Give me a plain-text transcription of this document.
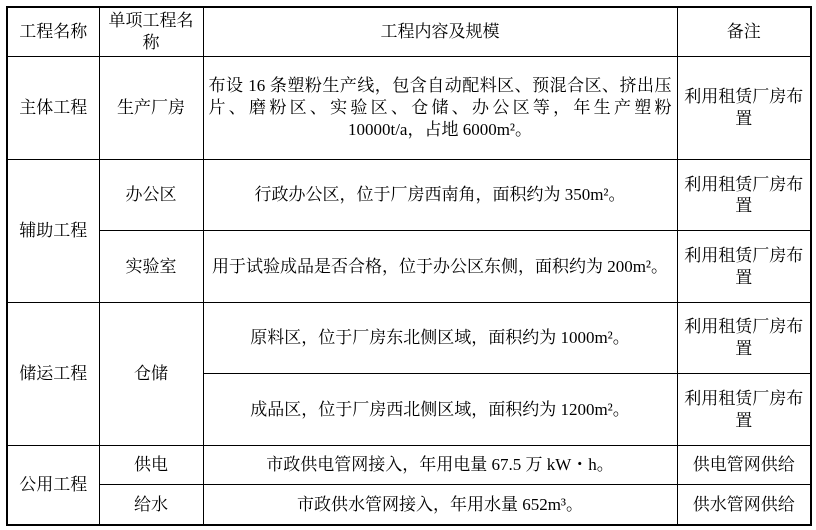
工程名称	单项工程名称	工程内容及规模	备注
主体工程	生产厂房	布设 16 条塑粉生产线，包含自动配料区、预混合区、挤出压片、磨粉区、实验区、仓储、办公区等，年生产塑粉 10000t/a，占地 6000m²。	利用租赁厂房布置
辅助工程	办公区	行政办公区，位于厂房西南角，面积约为 350m²。	利用租赁厂房布置
	实验室	用于试验成品是否合格，位于办公区东侧，面积约为 200m²。	利用租赁厂房布置
储运工程	仓储	原料区，位于厂房东北侧区域，面积约为 1000m²。	利用租赁厂房布置
		成品区，位于厂房西北侧区域，面积约为 1200m²。	利用租赁厂房布置
公用工程	供电	市政供电管网接入，年用电量 67.5 万 kW・h。	供电管网供给
	给水	市政供水管网接入，年用水量 652m³。	供水管网供给
